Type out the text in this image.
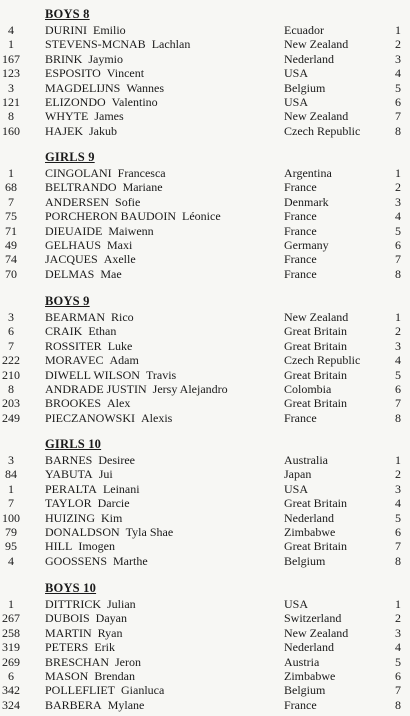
BOYS 8
4	DURINI Emilio	Ecuador	1
1	STEVENS-MCNAB Lachlan	New Zealand	2
167 BRINK Jaymio	Nederland	3
123 ESPOSITO Vincent	USA	4
3	MAGDELIJNS Wannes	Belgium	5
121 ELIZONDO Valentino	USA	6
8	WHYTE James	New Zealand	7
160 HAJEK Jakub	Czech Republic	8
GIRLS 9
1	CINGOLANI Francesca	Argentina	1
68	BELTRANDO Mariane	France	2
7	ANDERSEN Sofie	Denmark	3
75	PORCHERON BAUDOIN Léonice	France	4
71	DIEUAIDE Maiwenn	France	5
49	GELHAUS Maxi	Germany	6
74	JACQUES Axelle	France	7
70	DELMAS Mae	France	8
BOYS 9
3	BEARMAN Rico	New Zealand	1
6	CRAIK Ethan	Great Britain	2
7	ROSSITER Luke	Great Britain	3
222 MORAVEC Adam	Czech Republic	4
210 DIWELL WILSON Travis	Great Britain	5
8	ANDRADE JUSTIN Jersy Alejandro	Colombia	6
203 BROOKES Alex	Great Britain	7
249 PIECZANOWSKI Alexis	France	8
GIRLS 10
3	BARNES Desiree	Australia	1
84	YABUTA Jui	Japan	2
1	PERALTA Leinani	USA	3
7	TAYLOR Darcie	Great Britain	4
100 HUIZING Kim	Nederland	5
79	DONALDSON Tyla Shae	Zimbabwe	6
95	HILL Imogen	Great Britain	7
4	GOOSSENS Marthe	Belgium	8
BOYS 10
1	DITTRICK Julian	USA	1
267 DUBOIS Dayan	Switzerland	2
258 MARTIN Ryan	New Zealand	3
319 PETERS Erik	Nederland	4
269 BRESCHAN Jeron	Austria	5
6	MASON Brendan	Zimbabwe	6
342 POLLEFLIET Gianluca	Belgium	7
324 BARBERA Mylane	France	8
